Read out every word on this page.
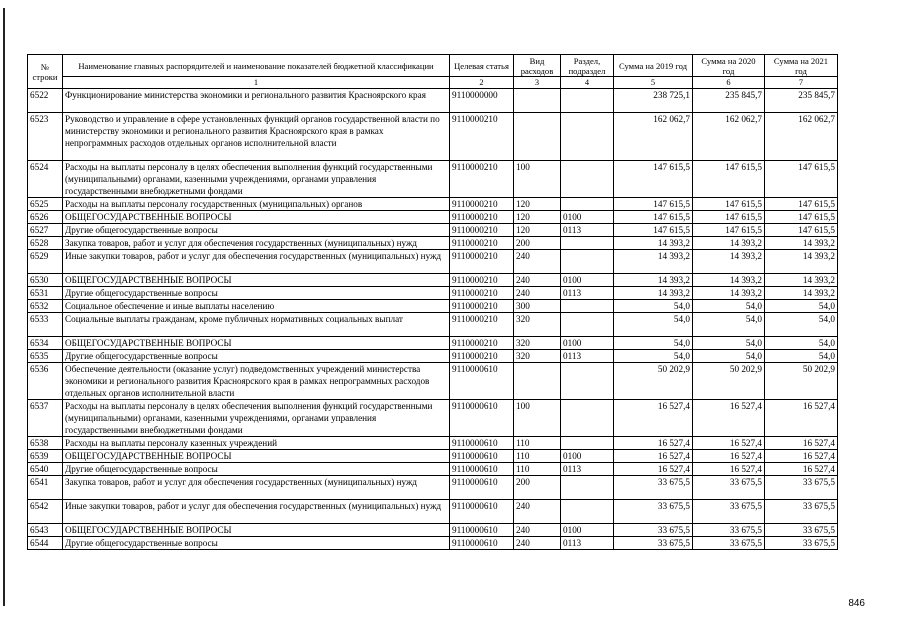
№ строки	Наименование главных распорядителей и наименование показателей бюджетной классификации	Целевая статья	Вид расходов	Раздел, подраздел	Сумма на 2019 год	Сумма на 2020 год	Сумма на 2021 год
	1	2	3	4	5	6	7
6522	Функционирование министерства экономики и регионального развития Красноярского края	9110000000			238 725,1	235 845,7	235 845,7
6523	Руководство и управление в сфере установленных функций органов государственной власти по министерству экономики и регионального развития Красноярского края в рамках непрограммных расходов отдельных органов исполнительной власти	9110000210			162 062,7	162 062,7	162 062,7
6524	Расходы на выплаты персоналу в целях обеспечения выполнения функций государственными (муниципальными) органами, казенными учреждениями, органами управления государственными внебюджетными фондами	9110000210	100		147 615,5	147 615,5	147 615,5
6525	Расходы на выплаты персоналу государственных (муниципальных) органов	9110000210	120		147 615,5	147 615,5	147 615,5
6526	ОБЩЕГОСУДАРСТВЕННЫЕ ВОПРОСЫ	9110000210	120	0100	147 615,5	147 615,5	147 615,5
6527	Другие общегосударственные вопросы	9110000210	120	0113	147 615,5	147 615,5	147 615,5
6528	Закупка товаров, работ и услуг для обеспечения государственных (муниципальных) нужд	9110000210	200		14 393,2	14 393,2	14 393,2
6529	Иные закупки товаров, работ и услуг для обеспечения государственных (муниципальных) нужд	9110000210	240		14 393,2	14 393,2	14 393,2
6530	ОБЩЕГОСУДАРСТВЕННЫЕ ВОПРОСЫ	9110000210	240	0100	14 393,2	14 393,2	14 393,2
6531	Другие общегосударственные вопросы	9110000210	240	0113	14 393,2	14 393,2	14 393,2
6532	Социальное обеспечение и иные выплаты населению	9110000210	300		54,0	54,0	54,0
6533	Социальные выплаты гражданам, кроме публичных нормативных социальных выплат	9110000210	320		54,0	54,0	54,0
6534	ОБЩЕГОСУДАРСТВЕННЫЕ ВОПРОСЫ	9110000210	320	0100	54,0	54,0	54,0
6535	Другие общегосударственные вопросы	9110000210	320	0113	54,0	54,0	54,0
6536	Обеспечение деятельности (оказание услуг) подведомственных учреждений министерства экономики и регионального развития Красноярского края в рамках непрограммных расходов отдельных органов исполнительной власти	9110000610			50 202,9	50 202,9	50 202,9
6537	Расходы на выплаты персоналу в целях обеспечения выполнения функций государственными (муниципальными) органами, казенными учреждениями, органами управления государственными внебюджетными фондами	9110000610	100		16 527,4	16 527,4	16 527,4
6538	Расходы на выплаты персоналу казенных учреждений	9110000610	110		16 527,4	16 527,4	16 527,4
6539	ОБЩЕГОСУДАРСТВЕННЫЕ ВОПРОСЫ	9110000610	110	0100	16 527,4	16 527,4	16 527,4
6540	Другие общегосударственные вопросы	9110000610	110	0113	16 527,4	16 527,4	16 527,4
6541	Закупка товаров, работ и услуг для обеспечения государственных (муниципальных) нужд	9110000610	200		33 675,5	33 675,5	33 675,5
6542	Иные закупки товаров, работ и услуг для обеспечения государственных (муниципальных) нужд	9110000610	240		33 675,5	33 675,5	33 675,5
6543	ОБЩЕГОСУДАРСТВЕННЫЕ ВОПРОСЫ	9110000610	240	0100	33 675,5	33 675,5	33 675,5
6544	Другие общегосударственные вопросы	9110000610	240	0113	33 675,5	33 675,5	33 675,5
846
